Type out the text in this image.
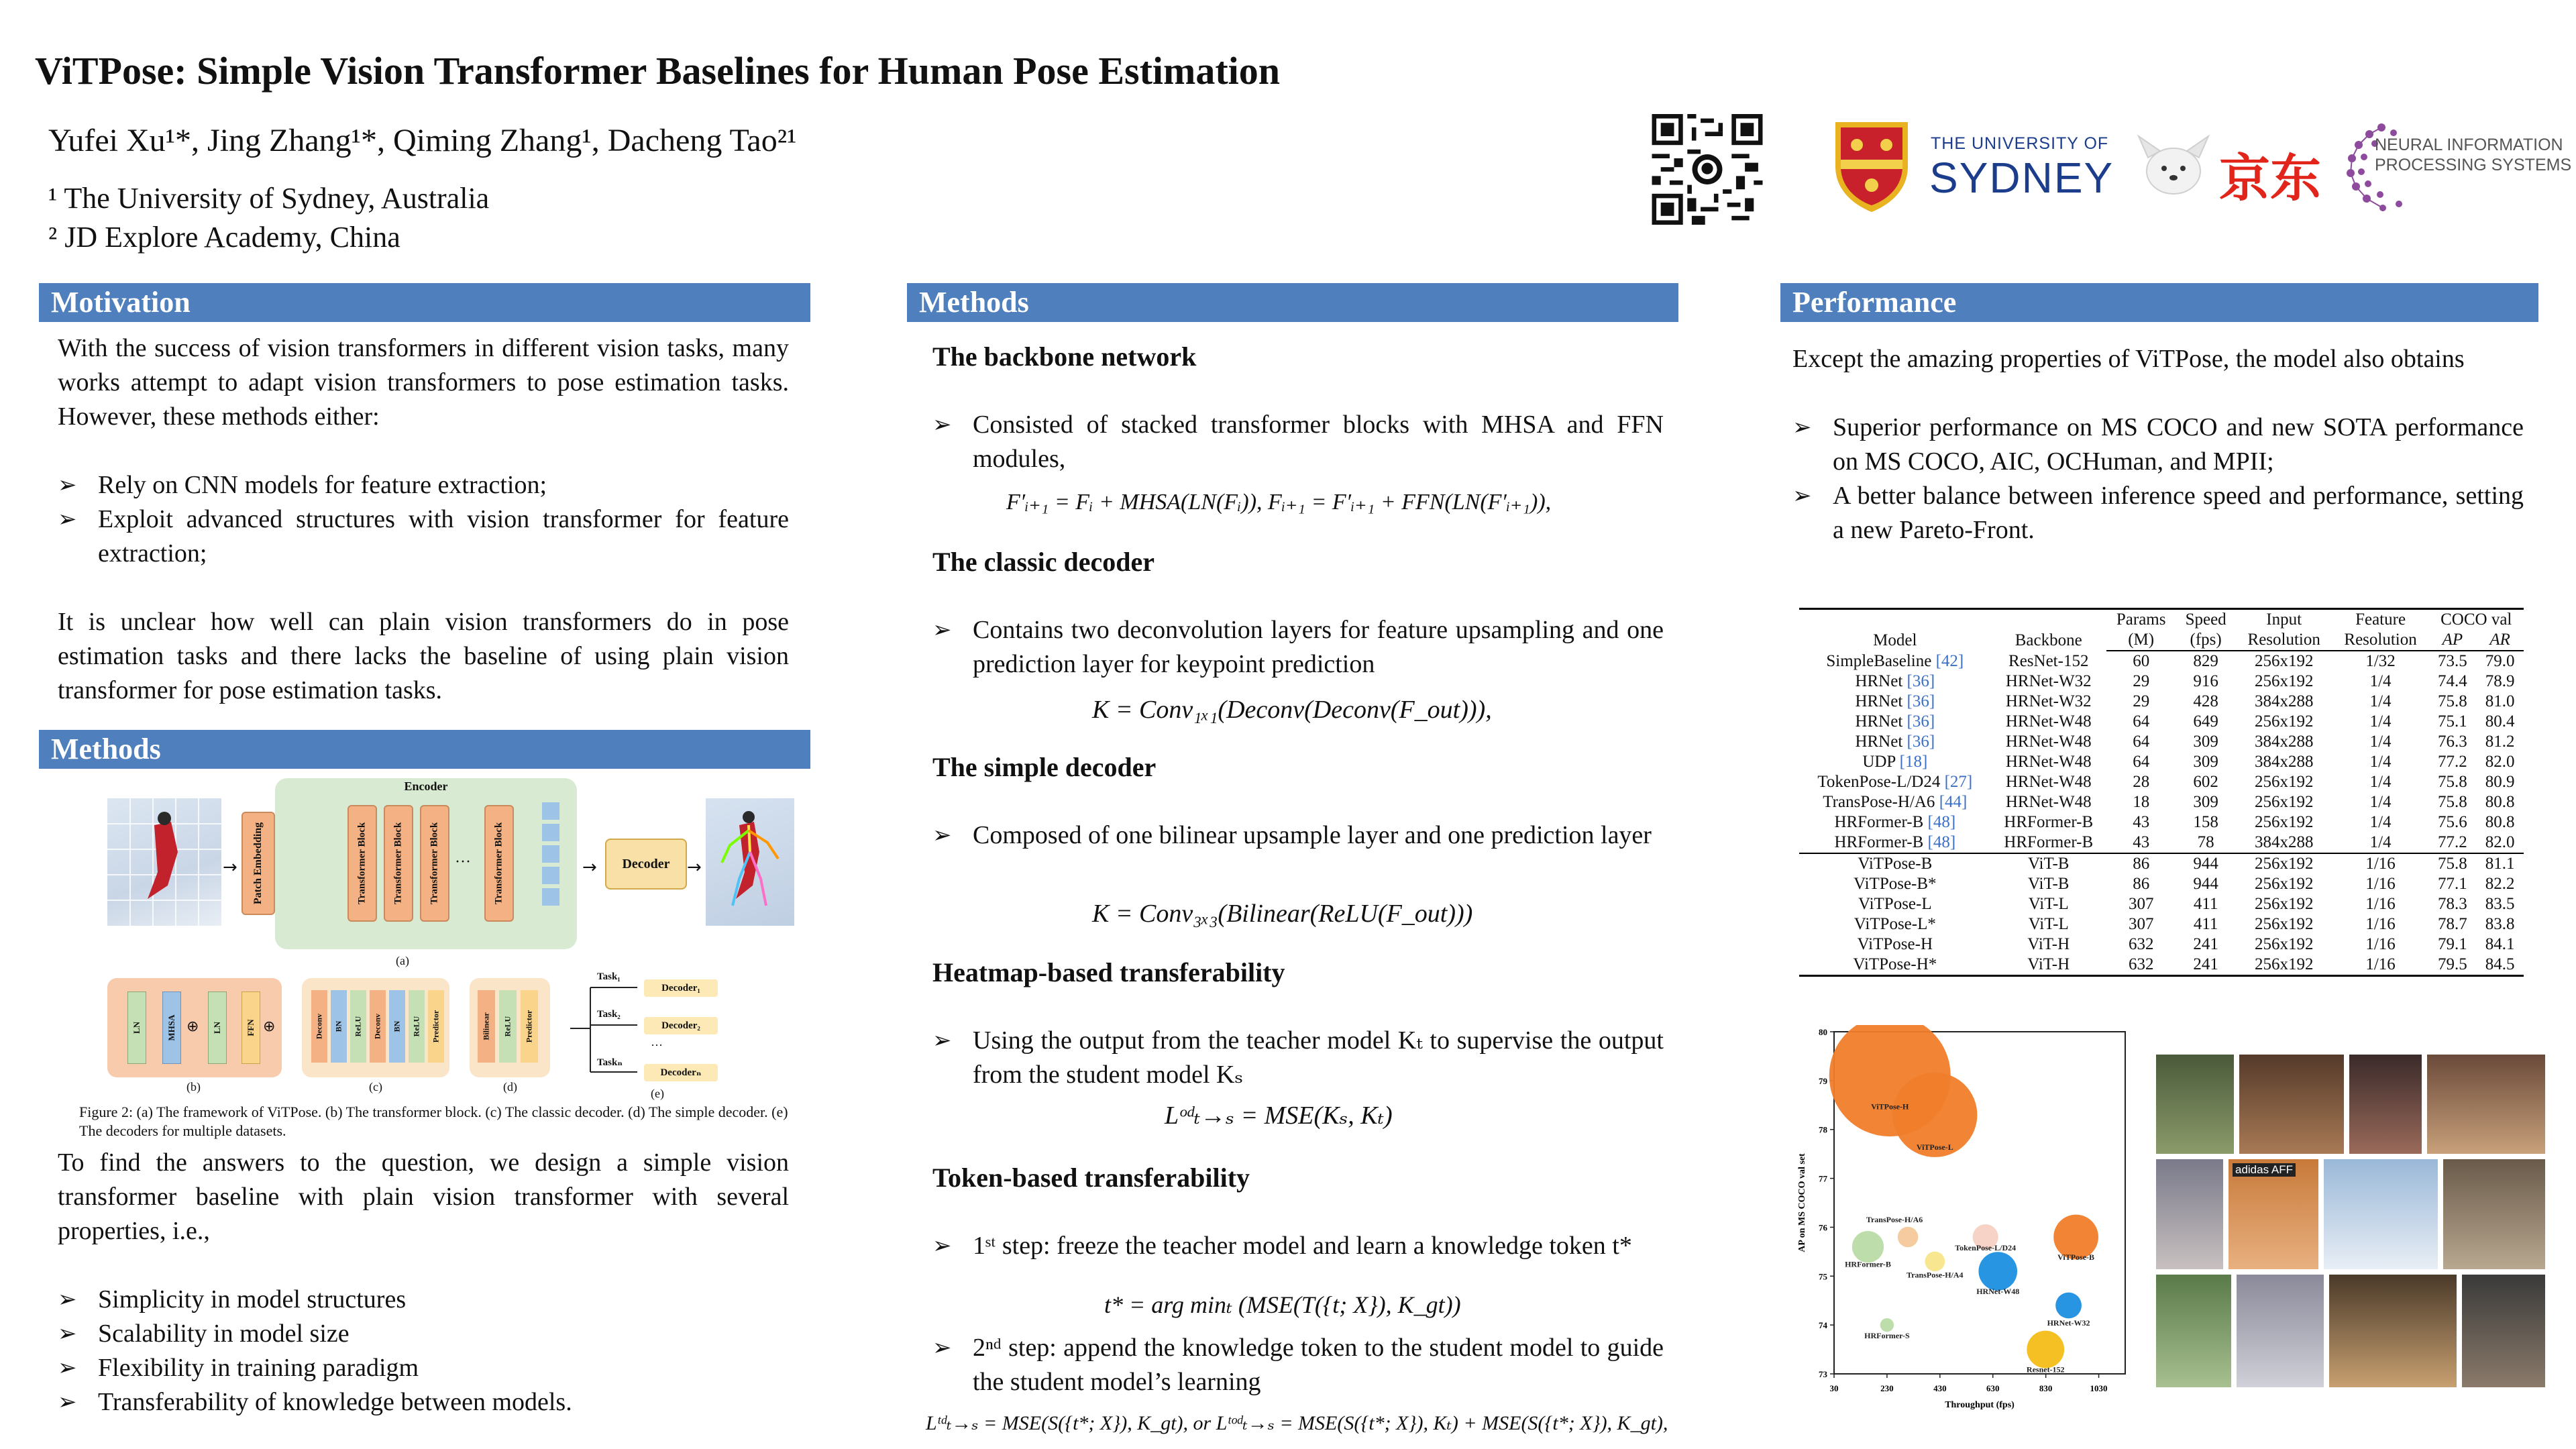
ViTPose: Simple Vision Transformer Baselines for Human Pose Estimation
Yufei Xu¹*, Jing Zhang¹*, Qiming Zhang¹, Dacheng Tao²¹
¹ The University of Sydney, Australia
² JD Explore Academy, China
THE UNIVERSITY OF
SYDNEY 京东
NEURAL INFORMATION
PROCESSING SYSTEMS
Motivation
With the success of vision transformers in different vision tasks, many works attempt to adapt vision transformers to pose estimation tasks. However, these methods either:
➢ Rely on CNN models for feature extraction;
➢ Exploit advanced structures with vision transformer for feature extraction;
It is unclear how well can plain vision transformers do in pose estimation tasks and there lacks the baseline of using plain vision transformer for pose estimation tasks.
Methods
→ Patch Embedding
Encoder
Transformer Block	Transformer Block	Transformer Block ··· Transformer Block
(a)
→	Decoder →
LN	MHSA	LN	FFN
⊕	⊕
(b)
Deconv BN ReLU Deconv BN ReLU Predictor
(c)
Bilinear ReLU Predictor
(d)
Task₁
Task₂
Taskₙ
Decoder₁
Decoder₂
···
Decoderₙ
(e)
Figure 2: (a) The framework of ViTPose. (b) The transformer block. (c) The classic decoder. (d) The simple decoder. (e) The decoders for multiple datasets.
To find the answers to the question, we design a simple vision transformer baseline with plain vision transformer with several properties, i.e.,
➢ Simplicity in model structures
➢ Scalability in model size
➢ Flexibility in training paradigm
➢ Transferability of knowledge between models.
Methods
The backbone network
➢ Consisted of stacked transformer blocks with MHSA and FFN modules,
F′ᵢ₊₁ = Fᵢ + MHSA(LN(Fᵢ)), Fᵢ₊₁ = F′ᵢ₊₁ + FFN(LN(F′ᵢ₊₁)),
The classic decoder
➢ Contains two deconvolution layers for feature upsampling and one prediction layer for keypoint prediction
K = Conv₁ₓ₁(Deconv(Deconv(F_out))),
The simple decoder
➢ Composed of one bilinear upsample layer and one prediction layer
K = Conv₃ₓ₃(Bilinear(ReLU(F_out)))
Heatmap-based transferability
➢ Using the output from the teacher model Kₜ to supervise the output from the student model Kₛ
Lᵒᵈₜ→ₛ = MSE(Kₛ, Kₜ)
Token-based transferability
➢ 1ˢᵗ step: freeze the teacher model and learn a knowledge token t*
t* = arg minₜ (MSE(T({t; X}), K_gt))
➢ 2ⁿᵈ step: append the knowledge token to the student model to guide the student model’s learning
Lᵗᵈₜ→ₛ = MSE(S({t*; X}), K_gt), or Lᵗᵒᵈₜ→ₛ = MSE(S({t*; X}), Kₜ) + MSE(S({t*; X}), K_gt),
Performance
Except the amazing properties of ViTPose, the model also obtains
➢ Superior performance on MS COCO and new SOTA performance on MS COCO, AIC, OCHuman, and MPII;
➢ A better balance between inference speed and performance, setting a new Pareto-Front.
Model	Backbone	Params	Speed	Input	Feature	COCO val	
		(M)	(fps)	Resolution	Resolution	AP	AR
SimpleBaseline [42]	ResNet-152	60	829	256x192	1/32	73.5	79.0
HRNet [36]	HRNet-W32	29	916	256x192	1/4	74.4	78.9
HRNet [36]	HRNet-W32	29	428	384x288	1/4	75.8	81.0
HRNet [36]	HRNet-W48	64	649	256x192	1/4	75.1	80.4
HRNet [36]	HRNet-W48	64	309	384x288	1/4	76.3	81.2
UDP [18]	HRNet-W48	64	309	384x288	1/4	77.2	82.0
TokenPose-L/D24 [27]	HRNet-W48	28	602	256x192	1/4	75.8	80.9
TransPose-H/A6 [44]	HRNet-W48	18	309	256x192	1/4	75.8	80.8
HRFormer-B [48]	HRFormer-B	43	158	256x192	1/4	75.6	80.8
HRFormer-B [48]	HRFormer-B	43	78	384x288	1/4	77.2	82.0
ViTPose-B	ViT-B	86	944	256x192	1/16	75.8	81.1
ViTPose-B*	ViT-B	86	944	256x192	1/16	77.1	82.2
ViTPose-L	ViT-L	307	411	256x192	1/16	78.3	83.5
ViTPose-L*	ViT-L	307	411	256x192	1/16	78.7	83.8
ViTPose-H	ViT-H	632	241	256x192	1/16	79.1	84.1
ViTPose-H*	ViT-H	632	241	256x192	1/16	79.5	84.5
30	230	430	630	830	1030
73
74
75
76
77
78
79
80
Throughput (fps)
AP on MS COCO val set
ViTPose-H
ViTPose-L
ViTPose-B
TransPose-H/A6
TokenPose-L/D24
HRFormer-B
TransPose-H/A4
HRNet-W48
HRNet-W32
HRFormer-S
Resnet-152
adidas AFF
